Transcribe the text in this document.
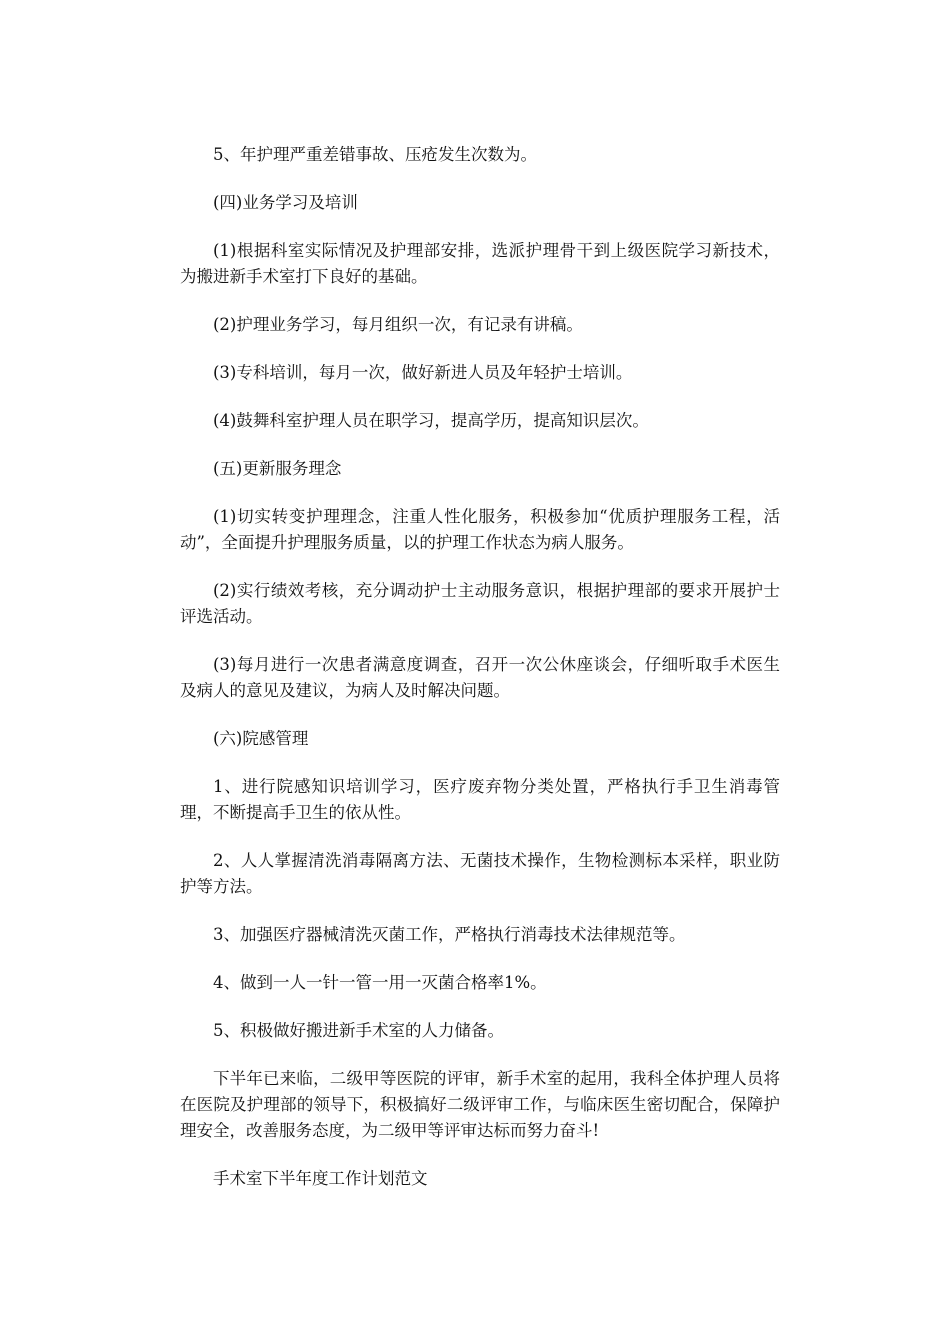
5、年护理严重差错事故、压疮发生次数为。

(四)业务学习及培训

(1)根据科室实际情况及护理部安排，选派护理骨干到上级医院学习新技术，为搬进新手术室打下良好的基础。

(2)护理业务学习，每月组织一次，有记录有讲稿。

(3)专科培训，每月一次，做好新进人员及年轻护士培训。

(4)鼓舞科室护理人员在职学习，提高学历，提高知识层次。

(五)更新服务理念

(1)切实转变护理理念，注重人性化服务，积极参加“优质护理服务工程，活动”，全面提升护理服务质量，以的护理工作状态为病人服务。

(2)实行绩效考核，充分调动护士主动服务意识，根据护理部的要求开展护士评选活动。

(3)每月进行一次患者满意度调查，召开一次公休座谈会，仔细听取手术医生及病人的意见及建议，为病人及时解决问题。

(六)院感管理

1、进行院感知识培训学习，医疗废弃物分类处置，严格执行手卫生消毒管理，不断提高手卫生的依从性。

2、人人掌握清洗消毒隔离方法、无菌技术操作，生物检测标本采样，职业防护等方法。

3、加强医疗器械清洗灭菌工作，严格执行消毒技术法律规范等。

4、做到一人一针一管一用一灭菌合格率1%。

5、积极做好搬进新手术室的人力储备。

下半年已来临，二级甲等医院的评审，新手术室的起用，我科全体护理人员将在医院及护理部的领导下，积极搞好二级评审工作，与临床医生密切配合，保障护理安全，改善服务态度，为二级甲等评审达标而努力奋斗!

手术室下半年度工作计划范文
